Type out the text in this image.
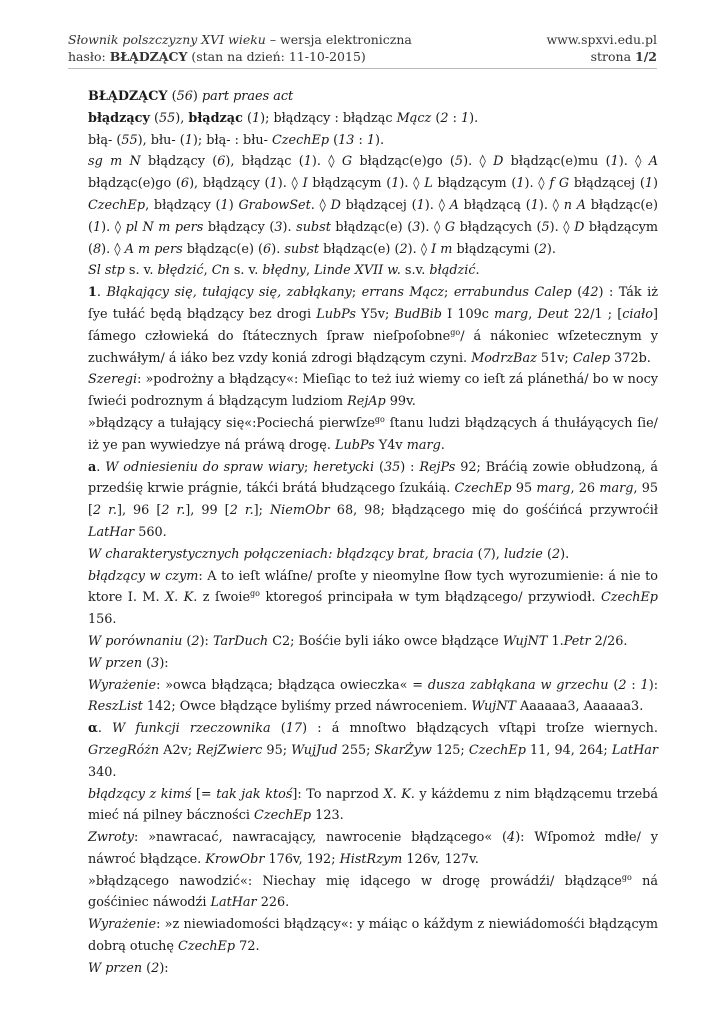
Słownik polszczyzny XVI wieku – wersja elektroniczna
hasło: BŁĄDZĄCY (stan na dzień: 11-10-2015)
www.spxvi.edu.pl
strona 1/2

BŁĄDZĄCY (56) part praes act

błądzący (55), błądząc (1); błądzący : błądząc Mącz (2 : 1).

błą- (55), błu- (1); błą- : błu- CzechEp (13 : 1).

sg m N błądzący (6), błądząc (1). ◊ G błądząc(e)go (5). ◊ D błądząc(e)mu (1). ◊ A błądząc(e)go (6), błądzący (1). ◊ I błądzącym (1). ◊ L błądzącym (1). ◊ f G błądzącej (1) CzechEp, błądzący (1) GrabowSet. ◊ D błądzącej (1). ◊ A błądzącą (1). ◊ n A błądząc(e) (1). ◊ pl N m pers błądzący (3). subst błądząc(e) (3). ◊ G błądzących (5). ◊ D błądzącym (8). ◊ A m pers błądząc(e) (6). subst błądząc(e) (2). ◊ I m błądzącymi (2).

Sl stp s. v. błędzić, Cn s. v. błędny, Linde XVII w. s.v. błądzić.

1. Błąkający się, tułający się, zabłąkany; errans Mącz; errabundus Calep (42) : Ták iż ſye tułáć będą błądzący bez drogi LubPs Y5v; BudBib I 109c marg, Deut 22/1 ; [ciało] ſámego człowieká do ſtátecznych ſpraw nieſpoſobne$^{go}$/ á nákoniec wſzetecznym y zuchwáłym/ á iáko bez vzdy koniá zdrogi błądzącym czyni. ModrzBaz 51v; Calep 372b.

Szeregi: »podrożny a błądzący«: Mieſiąc to też iuż wiemy co ieſt zá plánethá/ bo w nocy ſwieći podroznym á błądzącym ludziom RejAp 99v.

»błądzący a tułający się«:Pociechá pierwſze$^{go}$ ſtanu ludzi błądzących á thułáyących ſie/ iż ye pan wywiedzye ná práwą drogę. LubPs Y4v marg.

a. W odniesieniu do spraw wiary; heretycki (35) : RejPs 92; Bráćią zowie obłudzoną, á przedśię krwie prágnie, tákći brátá błudzącego ſzukáią. CzechEp 95 marg, 26 marg, 95 [2 r.], 96 [2 r.], 99 [2 r.]; NiemObr 68, 98; błądzącego mię do gośćińcá przywroćił LatHar 560.

W charakterystycznych połączeniach: błądzący brat, bracia (7), ludzie (2).

błądzący w czym: A to ieſt wláſne/ proſte y nieomylne ſłow tych wyrozumienie: á nie to ktore I. M. X. K. z ſwoie$^{go}$ ktoregoś principała w tym błądzącego/ przywiodł. CzechEp 156.

W porównaniu (2): TarDuch C2; Bośćie byli iáko owce błądzące WujNT 1.Petr 2/26.

W przen (3):

Wyrażenie: »owca błądząca; błądząca owieczka« = dusza zabłąkana w grzechu (2 : 1): ReszList 142; Owce błądzące byliśmy przed náwroceniem. WujNT Aaaaaa3, Aaaaaa3.

α. W funkcji rzeczownika (17) : á mnoſtwo błądzących vſtąpi troſze wiernych. GrzegRóżn A2v; RejZwierc 95; WujJud 255; SkarŻyw 125; CzechEp 11, 94, 264; LatHar 340.

błądzący z kimś [= tak jak ktoś]: To naprzod X. K. y káżdemu z nim błądzącemu trzebá mieć ná pilney báczności CzechEp 123.

Zwroty: »nawracać, nawracający, nawrocenie błądzącego« (4): Wſpomoż mdłe/ y náwroć błądzące. KrowObr 176v, 192; HistRzym 126v, 127v.

»błądzącego nawodzić«: Niechay mię idącego w drogę prowádźi/ błądzące$^{go}$ ná gośćiniec náwodźi LatHar 226.

Wyrażenie: »z niewiadomości błądzący«: y máiąc o káždym z niewiádomośći błądzącym dobrą otuchę CzechEp 72.

W przen (2):
